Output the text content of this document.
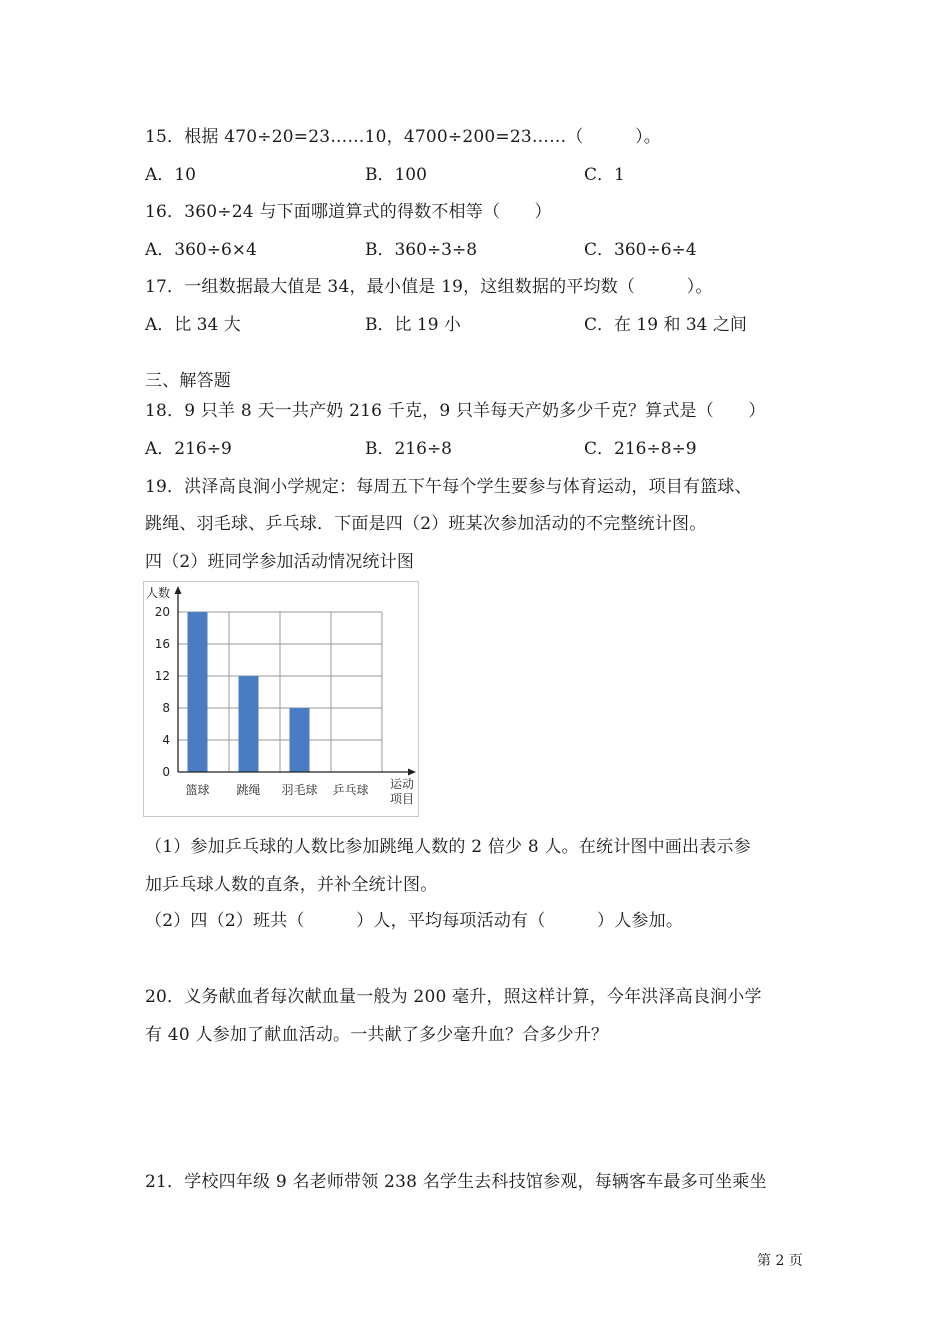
15．根据 470÷20=23……10，4700÷200=23……（　　　）。
A．10	B．100	C．1
16．360÷24 与下面哪道算式的得数不相等（　　）
A．360÷6×4	B．360÷3÷8	C．360÷6÷4
17．一组数据最大值是 34，最小值是 19，这组数据的平均数（　　　）。
A．比 34 大	B．比 19 小	C．在 19 和 34 之间
三、解答题
18．9 只羊 8 天一共产奶 216 千克，9 只羊每天产奶多少千克？算式是（　　）
A．216÷9	B．216÷8	C．216÷8÷9
19．洪泽高良涧小学规定：每周五下午每个学生要参与体育运动，项目有篮球、
跳绳、羽毛球、乒乓球．下面是四（2）班某次参加活动的不完整统计图。
四（2）班同学参加活动情况统计图
0
4
8
12
16
20
人数
篮球 跳绳 羽毛球 乒乓球 运动
项目
（1）参加乒乓球的人数比参加跳绳人数的 2 倍少 8 人。在统计图中画出表示参
加乒乓球人数的直条，并补全统计图。
（2）四（2）班共（　　　）人，平均每项活动有（　　　）人参加。
20．义务献血者每次献血量一般为 200 毫升，照这样计算，今年洪泽高良涧小学
有 40 人参加了献血活动。一共献了多少毫升血？合多少升？
21．学校四年级 9 名老师带领 238 名学生去科技馆参观，每辆客车最多可坐乘坐
第 2 页
